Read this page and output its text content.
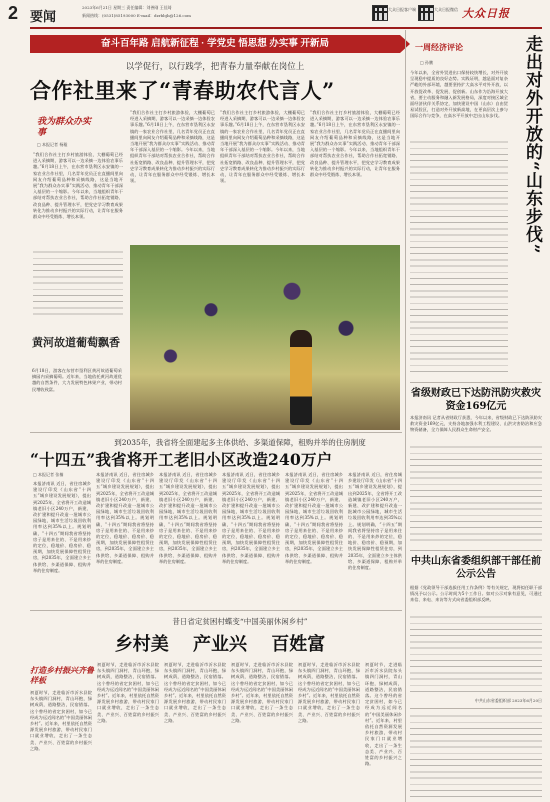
2 要闻
2023年6月21日 星期三 责任编辑：刘善刚 王佳琦
新闻热线：(0531)85193000 E-mail：dzrbbjb@126.com
大众日报客户端	大众日报微信 大众日报
奋斗百年路 启航新征程 · 学党史 悟思想 办实事 开新局
以学促行，以行践学，把青春力量奉献在岗位上
合作社里来了“青春助农代言人”
我为群众办实事
□ 本报记者 杨璇
“我们合作社主打乡村旅游体验，大棚葡萄已经进入采摘期，游客可以一边采摘一边体验农事乐趣。”6月18日上午，在东营市垦利区永安镇的一家农业合作社里，几名青年党员正在直播间里向网友介绍葡萄品种和采摘线路，这是当地开展“我为群众办实事”实践活动、推动青年干部深入基层的一个缩影。今年以来，当地组织青年干部结对帮扶农业合作社，帮助合作社拓宽销路、改良品种、提升管理水平，把党史学习教育成果转化为推动乡村振兴的实际行动，让青年在服务群众中经受锻炼、增长本领。
“我们合作社主打乡村旅游体验，大棚葡萄已经进入采摘期，游客可以一边采摘一边体验农事乐趣。”6月18日上午，在东营市垦利区永安镇的一家农业合作社里，几名青年党员正在直播间里向网友介绍葡萄品种和采摘线路，这是当地开展“我为群众办实事”实践活动、推动青年干部深入基层的一个缩影。今年以来，当地组织青年干部结对帮扶农业合作社，帮助合作社拓宽销路、改良品种、提升管理水平，把党史学习教育成果转化为推动乡村振兴的实际行动，让青年在服务群众中经受锻炼、增长本领。
“我们合作社主打乡村旅游体验，大棚葡萄已经进入采摘期，游客可以一边采摘一边体验农事乐趣。”6月18日上午，在东营市垦利区永安镇的一家农业合作社里，几名青年党员正在直播间里向网友介绍葡萄品种和采摘线路，这是当地开展“我为群众办实事”实践活动、推动青年干部深入基层的一个缩影。今年以来，当地组织青年干部结对帮扶农业合作社，帮助合作社拓宽销路、改良品种、提升管理水平，把党史学习教育成果转化为推动乡村振兴的实际行动，让青年在服务群众中经受锻炼、增长本领。
“我们合作社主打乡村旅游体验，大棚葡萄已经进入采摘期，游客可以一边采摘一边体验农事乐趣。”6月18日上午，在东营市垦利区永安镇的一家农业合作社里，几名青年党员正在直播间里向网友介绍葡萄品种和采摘线路，这是当地开展“我为群众办实事”实践活动、推动青年干部深入基层的一个缩影。今年以来，当地组织青年干部结对帮扶农业合作社，帮助合作社拓宽销路、改良品种、提升管理水平，把党史学习教育成果转化为推动乡村振兴的实际行动，让青年在服务群众中经受锻炼、增长本领。
黄河故道葡萄飘香
6月18日，游客在东营市垦利区黄河故道葡萄采摘园内采摘葡萄。近年来，当地依托黄河故道优越的自然条件，大力发展特色林果产业，带动村民增收致富。
到2035年，我省将全面建起多主体供给、多渠道保障，租购并举的住房制度
“十四五”我省将开工老旧小区改造240万户
□ 本报记者 张楠
本报济南讯 近日，省住房城乡建设厅印发《山东省“十四五”城乡建设发展规划》，提出到2025年，全省将开工改造城镇老旧小区240万户，新建、改扩建和提升改造一批城市公园绿地，城市生活垃圾回收利用率达到35%以上。规划明确，“十四五”期间我省将坚持房子是用来住的、不是用来炒的定位，稳地价、稳房价、稳预期，加快发展保障性租赁住房，到2035年，全面建立多主体供给、多渠道保障、租购并举的住房制度。
本报济南讯 近日，省住房城乡建设厅印发《山东省“十四五”城乡建设发展规划》，提出到2025年，全省将开工改造城镇老旧小区240万户，新建、改扩建和提升改造一批城市公园绿地，城市生活垃圾回收利用率达到35%以上。规划明确，“十四五”期间我省将坚持房子是用来住的、不是用来炒的定位，稳地价、稳房价、稳预期，加快发展保障性租赁住房，到2035年，全面建立多主体供给、多渠道保障、租购并举的住房制度。
本报济南讯 近日，省住房城乡建设厅印发《山东省“十四五”城乡建设发展规划》，提出到2025年，全省将开工改造城镇老旧小区240万户，新建、改扩建和提升改造一批城市公园绿地，城市生活垃圾回收利用率达到35%以上。规划明确，“十四五”期间我省将坚持房子是用来住的、不是用来炒的定位，稳地价、稳房价、稳预期，加快发展保障性租赁住房，到2035年，全面建立多主体供给、多渠道保障、租购并举的住房制度。
本报济南讯 近日，省住房城乡建设厅印发《山东省“十四五”城乡建设发展规划》，提出到2025年，全省将开工改造城镇老旧小区240万户，新建、改扩建和提升改造一批城市公园绿地，城市生活垃圾回收利用率达到35%以上。规划明确，“十四五”期间我省将坚持房子是用来住的、不是用来炒的定位，稳地价、稳房价、稳预期，加快发展保障性租赁住房，到2035年，全面建立多主体供给、多渠道保障、租购并举的住房制度。
本报济南讯 近日，省住房城乡建设厅印发《山东省“十四五”城乡建设发展规划》，提出到2025年，全省将开工改造城镇老旧小区240万户，新建、改扩建和提升改造一批城市公园绿地，城市生活垃圾回收利用率达到35%以上。规划明确，“十四五”期间我省将坚持房子是用来住的、不是用来炒的定位，稳地价、稳房价、稳预期，加快发展保障性租赁住房，到2035年，全面建立多主体供给、多渠道保障、租购并举的住房制度。
本报济南讯 近日，省住房城乡建设厅印发《山东省“十四五”城乡建设发展规划》，提出到2025年，全省将开工改造城镇老旧小区240万户，新建、改扩建和提升改造一批城市公园绿地，城市生活垃圾回收利用率达到35%以上。规划明确，“十四五”期间我省将坚持房子是用来住的、不是用来炒的定位，稳地价、稳房价、稳预期，加快发展保障性租赁住房，到2035年，全面建立多主体供给、多渠道保障、租购并举的住房制度。
昔日省定贫困村蝶变“中国美丽休闲乡村”
乡村美 产业兴 百姓富
打造乡村振兴齐鲁样板
初夏时节，走进临沂市沂水县院东头镇四门洞村，青山环抱，绿树成荫，道路整洁，民宿错落。这个曾经的省定贫困村，如今已经成为远近闻名的“中国美丽休闲乡村”。近年来，村里依托自然资源发展乡村旅游，带动村民家门口就业增收，走出了一条生态美、产业兴、百姓富的乡村振兴之路。
初夏时节，走进临沂市沂水县院东头镇四门洞村，青山环抱，绿树成荫，道路整洁，民宿错落。这个曾经的省定贫困村，如今已经成为远近闻名的“中国美丽休闲乡村”。近年来，村里依托自然资源发展乡村旅游，带动村民家门口就业增收，走出了一条生态美、产业兴、百姓富的乡村振兴之路。
初夏时节，走进临沂市沂水县院东头镇四门洞村，青山环抱，绿树成荫，道路整洁，民宿错落。这个曾经的省定贫困村，如今已经成为远近闻名的“中国美丽休闲乡村”。近年来，村里依托自然资源发展乡村旅游，带动村民家门口就业增收，走出了一条生态美、产业兴、百姓富的乡村振兴之路。
初夏时节，走进临沂市沂水县院东头镇四门洞村，青山环抱，绿树成荫，道路整洁，民宿错落。这个曾经的省定贫困村，如今已经成为远近闻名的“中国美丽休闲乡村”。近年来，村里依托自然资源发展乡村旅游，带动村民家门口就业增收，走出了一条生态美、产业兴、百姓富的乡村振兴之路。
初夏时节，走进临沂市沂水县院东头镇四门洞村，青山环抱，绿树成荫，道路整洁，民宿错落。这个曾经的省定贫困村，如今已经成为远近闻名的“中国美丽休闲乡村”。近年来，村里依托自然资源发展乡村旅游，带动村民家门口就业增收，走出了一条生态美、产业兴、百姓富的乡村振兴之路。
初夏时节，走进临沂市沂水县院东头镇四门洞村，青山环抱，绿树成荫，道路整洁，民宿错落。这个曾经的省定贫困村，如今已经成为远近闻名的“中国美丽休闲乡村”。近年来，村里依托自然资源发展乡村旅游，带动村民家门口就业增收，走出了一条生态美、产业兴、百姓富的乡村振兴之路。
一周经济评论
□ 孙鹏	走出对外开放的“山东步伐”
今年以来，全省外贸进出口保持较快增长，对外开放呈现稳中提质的良好态势。实践证明，越是面对复杂严峻的外部环境，越要坚持扩大高水平对外开放，以开放促改革、促发展、促创新。山东作为沿海开放大省，要主动服务和融入新发展格局，深度对接区域全面经济伙伴关系协定，加快建设中国（山东）自由贸易试验区，打造对外开放新高地，在更高层次上参与国际合作与竞争，在高水平开放中走出山东步伐。
省级财政已下达防汛防灾救灾资金169亿元
本报济南讯 记者从省财政厅获悉，今年以来，省级财政已下达防汛防灾救灾资金169亿元，支持各地加强水利工程建设、山洪灾害防治和应急物资储备，全力保障人民群众生命财产安全。
中共山东省委组织部干部任前公示公告
根据《党政领导干部选拔任用工作条例》等有关规定，现将拟任职干部情况予以公示。公示时间为5个工作日。如对公示对象有意见，可通过来信、来电、来访等方式向省委组织部反映。
中共山东省委组织部 2023年6月20日
